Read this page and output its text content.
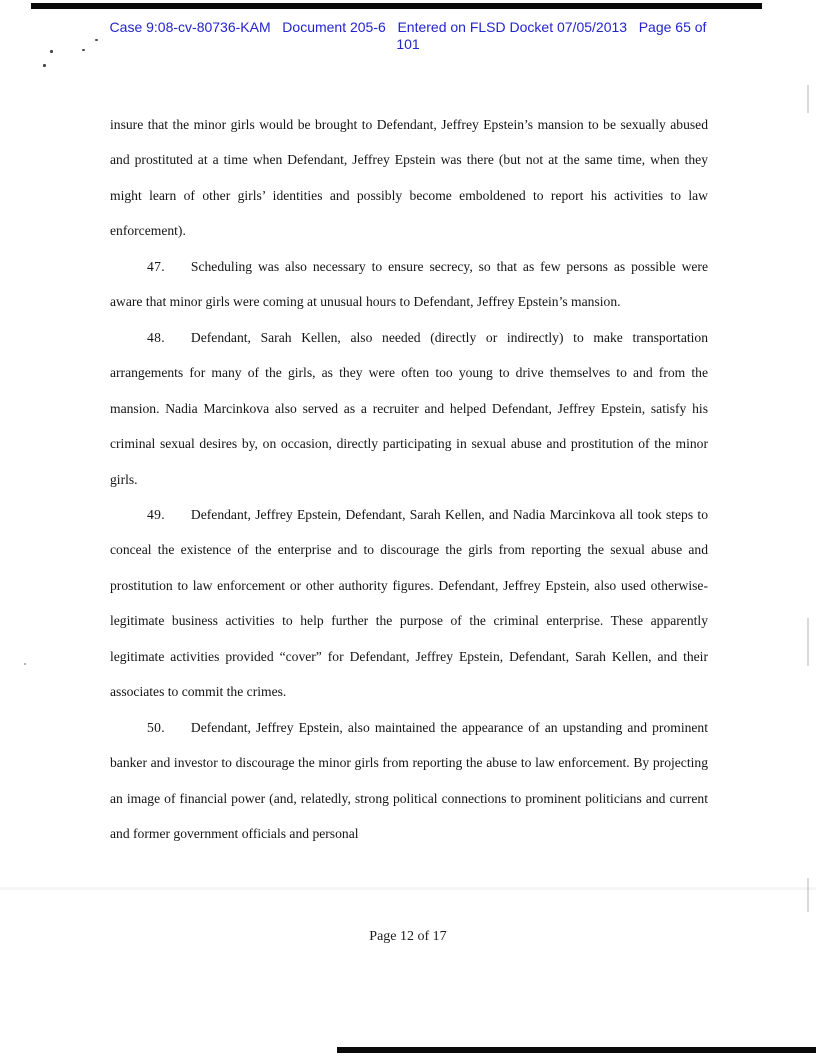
Case 9:08-cv-80736-KAM   Document 205-6   Entered on FLSD Docket 07/05/2013   Page 65 of
101

insure that the minor girls would be brought to Defendant, Jeffrey Epstein’s mansion to be sexually abused and prostituted at a time when Defendant, Jeffrey Epstein was there (but not at the same time, when they might learn of other girls’ identities and possibly become emboldened to report his activities to law enforcement).

47. Scheduling was also necessary to ensure secrecy, so that as few persons as possible were aware that minor girls were coming at unusual hours to Defendant, Jeffrey Epstein’s mansion.

48. Defendant, Sarah Kellen, also needed (directly or indirectly) to make transportation arrangements for many of the girls, as they were often too young to drive themselves to and from the mansion. Nadia Marcinkova also served as a recruiter and helped Defendant, Jeffrey Epstein, satisfy his criminal sexual desires by, on occasion, directly participating in sexual abuse and prostitution of the minor girls.

49. Defendant, Jeffrey Epstein, Defendant, Sarah Kellen, and Nadia Marcinkova all took steps to conceal the existence of the enterprise and to discourage the girls from reporting the sexual abuse and prostitution to law enforcement or other authority figures. Defendant, Jeffrey Epstein, also used otherwise-legitimate business activities to help further the purpose of the criminal enterprise. These apparently legitimate activities provided “cover” for Defendant, Jeffrey Epstein, Defendant, Sarah Kellen, and their associates to commit the crimes.

50. Defendant, Jeffrey Epstein, also maintained the appearance of an upstanding and prominent banker and investor to discourage the minor girls from reporting the abuse to law enforcement. By projecting an image of financial power (and, relatedly, strong political connections to prominent politicians and current and former government officials and personal

Page 12 of 17
